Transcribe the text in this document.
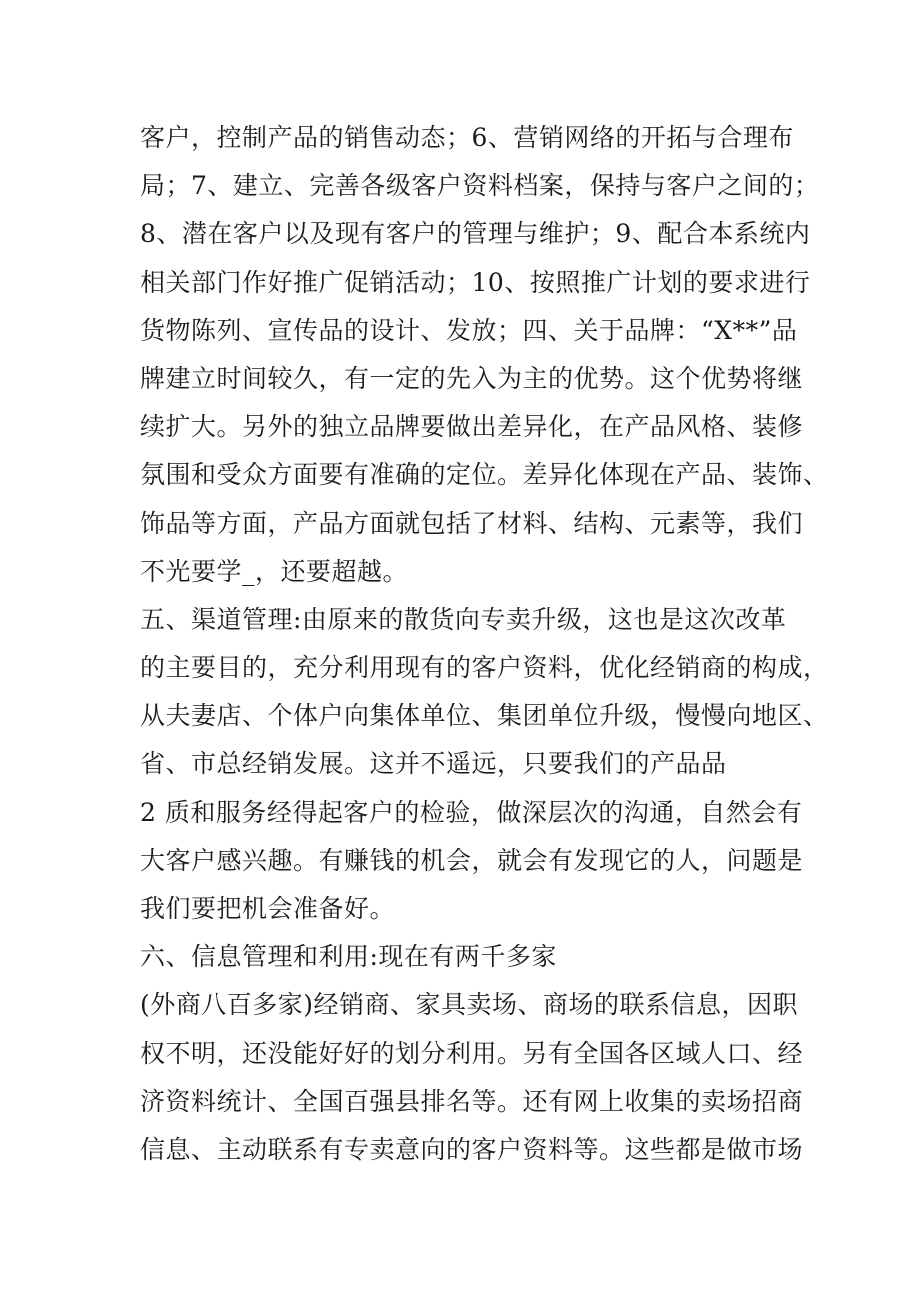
客户，控制产品的销售动态；6、营销网络的开拓与合理布
局；7、建立、完善各级客户资料档案，保持与客户之间的；
8、潜在客户以及现有客户的管理与维护；9、配合本系统内
相关部门作好推广促销活动；10、按照推广计划的要求进行
货物陈列、宣传品的设计、发放；四、关于品牌：“X**”品
牌建立时间较久，有一定的先入为主的优势。这个优势将继
续扩大。另外的独立品牌要做出差异化，在产品风格、装修
氛围和受众方面要有准确的定位。差异化体现在产品、装饰、
饰品等方面，产品方面就包括了材料、结构、元素等，我们
不光要学_，还要超越。
五、渠道管理:由原来的散货向专卖升级，这也是这次改革
的主要目的，充分利用现有的客户资料，优化经销商的构成，
从夫妻店、个体户向集体单位、集团单位升级，慢慢向地区、
省、市总经销发展。这并不遥远，只要我们的产品品
2 质和服务经得起客户的检验，做深层次的沟通，自然会有
大客户感兴趣。有赚钱的机会，就会有发现它的人，问题是
我们要把机会准备好。
六、信息管理和利用:现在有两千多家
(外商八百多家)经销商、家具卖场、商场的联系信息，因职
权不明，还没能好好的划分利用。另有全国各区域人口、经
济资料统计、全国百强县排名等。还有网上收集的卖场招商
信息、主动联系有专卖意向的客户资料等。这些都是做市场
